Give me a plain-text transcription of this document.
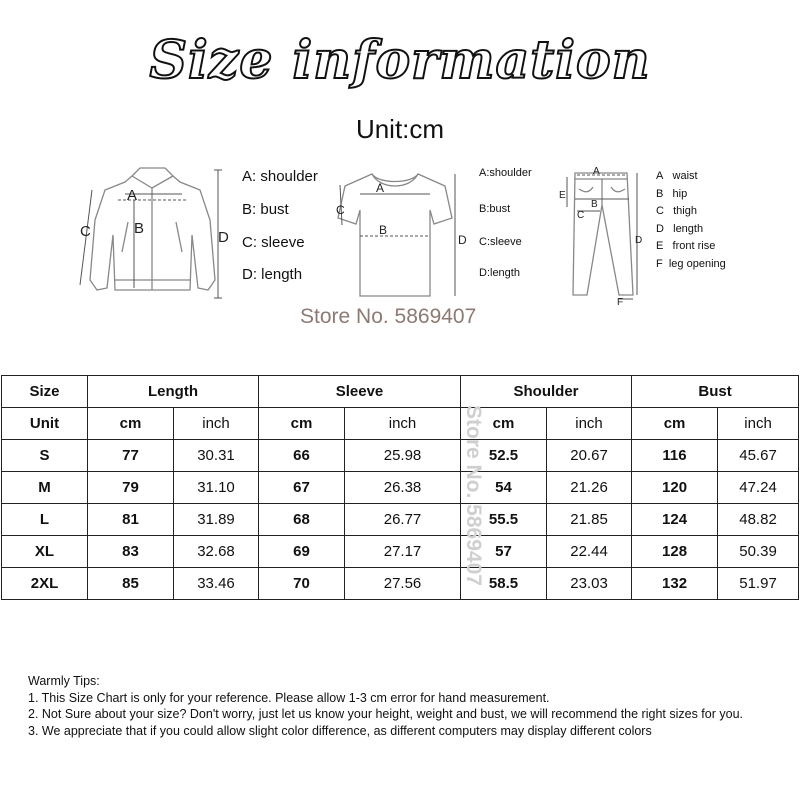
Size information
Unit:cm
A
B
C	D
A: shoulder
B: bust
C: sleeve
D: length
A
B
C
D
A:shoulder
B:bust
C:sleeve
D:length
A
B
C
D
E
F
A waist
B hip
C thigh
D length
E front rise
F leg opening
Store No. 5869407
Size	Length		Sleeve		Shoulder		Bust	
Unit	cm	inch	cm	inch	cm	inch	cm	inch
S	77	30.31	66	25.98	52.5	20.67	116	45.67
M	79	31.10	67	26.38	54	21.26	120	47.24
L	81	31.89	68	26.77	55.5	21.85	124	48.82
XL	83	32.68	69	27.17	57	22.44	128	50.39
2XL	85	33.46	70	27.56	58.5	23.03	132	51.97
Store No. 5869407
Warmly Tips:
1. This Size Chart is only for your reference. Please allow 1-3 cm error for hand measurement.
2. Not Sure about your size? Don't worry, just let us know your height, weight and bust, we will recommend the right sizes for you.
3. We appreciate that if you could allow slight color difference, as different computers may display different colors
